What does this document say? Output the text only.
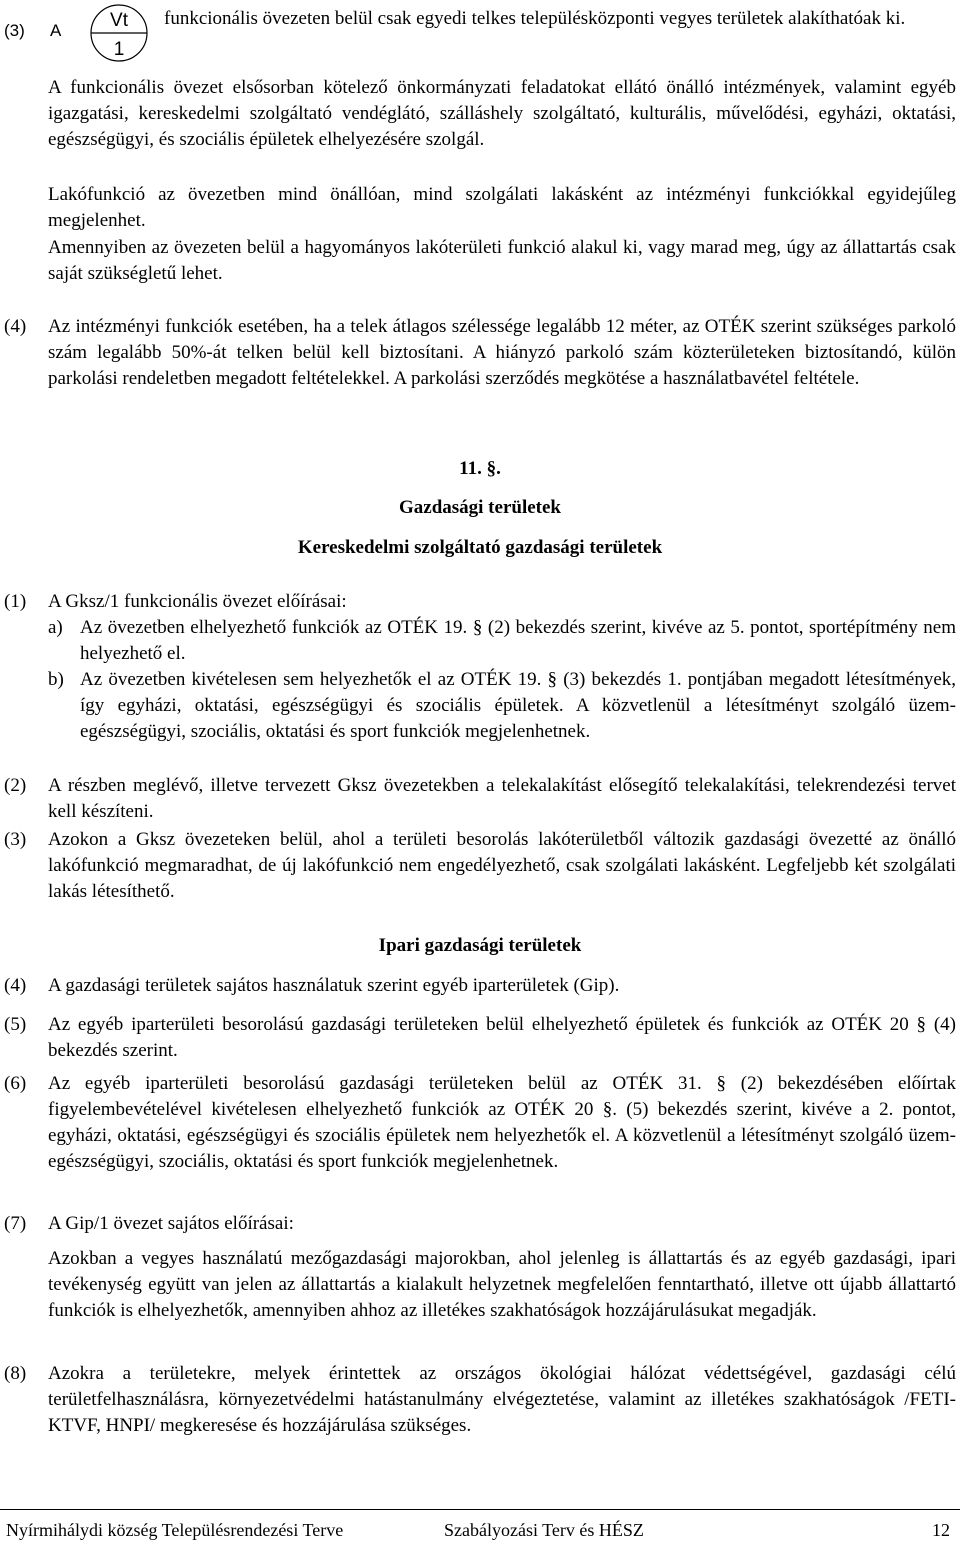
(3) A	Vt
1
funkcionális övezeten belül csak egyedi telkes településközponti vegyes területek alakíthatóak ki.
A funkcionális övezet elsősorban kötelező önkormányzati feladatokat ellátó önálló intézmények, valamint egyéb igazgatási, kereskedelmi szolgáltató vendéglátó, szálláshely szolgáltató, kulturális, művelődési, egyházi, oktatási, egészségügyi, és szociális épületek elhelyezésére szolgál.
Lakófunkció az övezetben mind önállóan, mind szolgálati lakásként az intézményi funkciókkal egyidejűleg megjelenhet.
Amennyiben az övezeten belül a hagyományos lakóterületi funkció alakul ki, vagy marad meg, úgy az állattartás csak saját szükségletű lehet.
(4) Az intézményi funkciók esetében, ha a telek átlagos szélessége legalább 12 méter, az OTÉK szerint szükséges parkoló szám legalább 50%-át telken belül kell biztosítani. A hiányzó parkoló szám közterületeken biztosítandó, külön parkolási rendeletben megadott feltételekkel. A parkolási szerződés megkötése a használatbavétel feltétele.
11. §.
Gazdasági területek
Kereskedelmi szolgáltató gazdasági területek
(1) A Gksz/1 funkcionális övezet előírásai:
a) Az övezetben elhelyezhető funkciók az OTÉK 19. § (2) bekezdés szerint, kivéve az 5. pontot, sportépítmény nem helyezhető el.
b) Az övezetben kivételesen sem helyezhetők el az OTÉK 19. § (3) bekezdés 1. pontjában megadott létesítmények, így egyházi, oktatási, egészségügyi és szociális épületek. A közvetlenül a létesítményt szolgáló üzem-egészségügyi, szociális, oktatási és sport funkciók megjelenhetnek.
(2) A részben meglévő, illetve tervezett Gksz övezetekben a telekalakítást elősegítő telekalakítási, telekrendezési tervet kell készíteni.
(3) Azokon a Gksz övezeteken belül, ahol a területi besorolás lakóterületből változik gazdasági övezetté az önálló lakófunkció megmaradhat, de új lakófunkció nem engedélyezhető, csak szolgálati lakásként. Legfeljebb két szolgálati lakás létesíthető.
Ipari gazdasági területek
(4) A gazdasági területek sajátos használatuk szerint egyéb iparterületek (Gip).
(5) Az egyéb iparterületi besorolású gazdasági területeken belül elhelyezhető épületek és funkciók az OTÉK 20 § (4) bekezdés szerint.
(6) Az egyéb iparterületi besorolású gazdasági területeken belül az OTÉK 31. § (2) bekezdésében előírtak figyelembevételével kivételesen elhelyezhető funkciók az OTÉK 20 §. (5) bekezdés szerint, kivéve a 2. pontot, egyházi, oktatási, egészségügyi és szociális épületek nem helyezhetők el. A közvetlenül a létesítményt szolgáló üzem-egészségügyi, szociális, oktatási és sport funkciók megjelenhetnek.
(7) A Gip/1 övezet sajátos előírásai:
Azokban a vegyes használatú mezőgazdasági majorokban, ahol jelenleg is állattartás és az egyéb gazdasági, ipari tevékenység együtt van jelen az állattartás a kialakult helyzetnek megfelelően fenntartható, illetve ott újabb állattartó funkciók is elhelyezhetők, amennyiben ahhoz az illetékes szakhatóságok hozzájárulásukat megadják.
(8) Azokra a területekre, melyek érintettek az országos ökológiai hálózat védettségével, gazdasági célú területfelhasználásra, környezetvédelmi hatástanulmány elvégeztetése, valamint az illetékes szakhatóságok /FETI-KTVF, HNPI/ megkeresése és hozzájárulása szükséges.
Nyírmihálydi község Településrendezési Terve	Szabályozási Terv és HÉSZ	12
